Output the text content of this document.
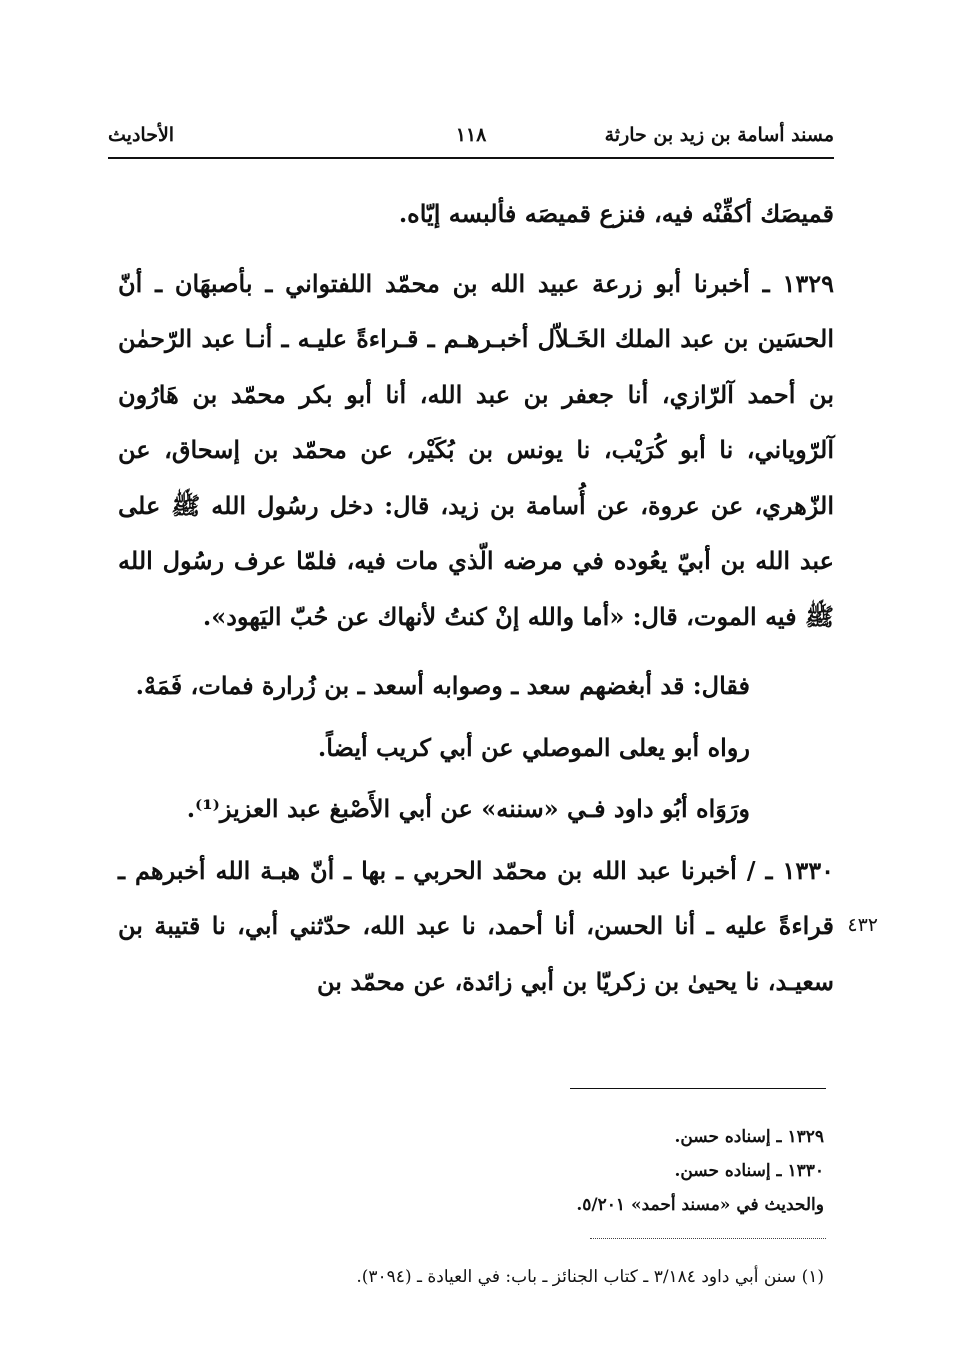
مسند أسامة بن زيد بن حارثة
١١٨
الأحاديث

قميصَك أكفِّنْه فيه، فنزع قميصَه فألبسه إيّاه.

١٣٢٩ ـ أخبرنا أبو زرعة عبيد الله بن محمّد اللفتواني ـ بأصبهَان ـ أنّ الحسَين بن عبد الملك الخَـلاّل أخبـرهـم ـ قـراءةً عليـه ـ أنـا عبد الرّحمٰن بن أحمد آلرّازي، أنا جعفر بن عبد الله، أنا أبو بكر محمّد بن هَارُون آلرّوياني، نا أبو كُرَيْب، نا يونس بن بُكَيْر، عن محمّد بن إسحاق، عن الزّهري، عن عروة، عن أُسامة بن زيد، قال: دخل رسُول الله ﷺ على عبد الله بن أبيّ يعُوده في مرضه الّذي مات فيه، فلمّا عرف رسُول الله ﷺ فيه الموت، قال: «أما والله إنْ كنتُ لأنهاك عن حُبّ اليَهود».

فقال: قد أبغضهم سعد ـ وصوابه أسعد ـ بن زُرارة فمات، فَمَهْ.

رواه أبو يعلى الموصلي عن أبي كريب أيضاً.

ورَوَاه أبُو داود فـي «سننه» عن أبي الأَصْبغ عبد العزيز⁽¹⁾.

١٣٣٠ ـ / أخبرنا عبد الله بن محمّد الحربي ـ بها ـ أنّ هبـة الله أخبرهم ـ قراءةً عليه ـ أنا الحسن، أنا أحمد، نا عبد الله، حدّثني أبي، نا قتيبة بن سعيـد، نا يحيىٰ بن زكريّا بن أبي زائدة، عن محمّد بن

٤٣٢

١٣٢٩ ـ إسناده حسن.

١٣٣٠ ـ إسناده حسن.

والحديث في «مسند أحمد» ٥/٢٠١.

(١) سنن أبي داود ٣/١٨٤ ـ كتاب الجنائز ـ باب: في العيادة ـ (٣٠٩٤).
